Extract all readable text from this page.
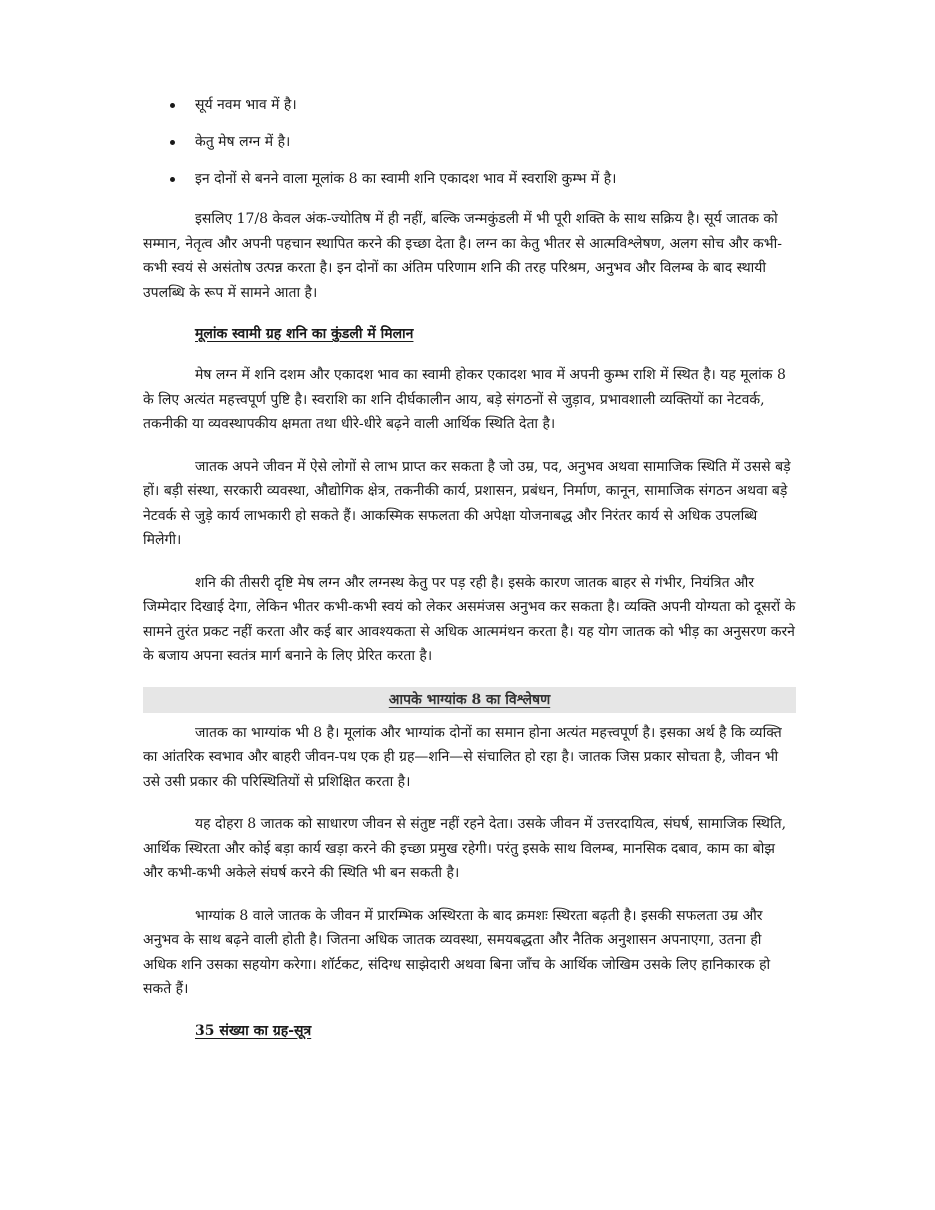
सूर्य नवम भाव में है।
केतु मेष लग्न में है।
इन दोनों से बनने वाला मूलांक 8 का स्वामी शनि एकादश भाव में स्वराशि कुम्भ में है।

इसलिए 17/8 केवल अंक-ज्योतिष में ही नहीं, बल्कि जन्मकुंडली में भी पूरी शक्ति के साथ सक्रिय है। सूर्य जातक को सम्मान, नेतृत्व और अपनी पहचान स्थापित करने की इच्छा देता है। लग्न का केतु भीतर से आत्मविश्लेषण, अलग सोच और कभी-कभी स्वयं से असंतोष उत्पन्न करता है। इन दोनों का अंतिम परिणाम शनि की तरह परिश्रम, अनुभव और विलम्ब के बाद स्थायी उपलब्धि के रूप में सामने आता है।

मूलांक स्वामी ग्रह शनि का कुंडली में मिलान

मेष लग्न में शनि दशम और एकादश भाव का स्वामी होकर एकादश भाव में अपनी कुम्भ राशि में स्थित है। यह मूलांक 8 के लिए अत्यंत महत्त्वपूर्ण पुष्टि है। स्वराशि का शनि दीर्घकालीन आय, बड़े संगठनों से जुड़ाव, प्रभावशाली व्यक्तियों का नेटवर्क, तकनीकी या व्यवस्थापकीय क्षमता तथा धीरे-धीरे बढ़ने वाली आर्थिक स्थिति देता है।

जातक अपने जीवन में ऐसे लोगों से लाभ प्राप्त कर सकता है जो उम्र, पद, अनुभव अथवा सामाजिक स्थिति में उससे बड़े हों। बड़ी संस्था, सरकारी व्यवस्था, औद्योगिक क्षेत्र, तकनीकी कार्य, प्रशासन, प्रबंधन, निर्माण, कानून, सामाजिक संगठन अथवा बड़े नेटवर्क से जुड़े कार्य लाभकारी हो सकते हैं। आकस्मिक सफलता की अपेक्षा योजनाबद्ध और निरंतर कार्य से अधिक उपलब्धि मिलेगी।

शनि की तीसरी दृष्टि मेष लग्न और लग्नस्थ केतु पर पड़ रही है। इसके कारण जातक बाहर से गंभीर, नियंत्रित और जिम्मेदार दिखाई देगा, लेकिन भीतर कभी-कभी स्वयं को लेकर असमंजस अनुभव कर सकता है। व्यक्ति अपनी योग्यता को दूसरों के सामने तुरंत प्रकट नहीं करता और कई बार आवश्यकता से अधिक आत्ममंथन करता है। यह योग जातक को भीड़ का अनुसरण करने के बजाय अपना स्वतंत्र मार्ग बनाने के लिए प्रेरित करता है।

आपके भाग्यांक 8 का विश्लेषण

जातक का भाग्यांक भी 8 है। मूलांक और भाग्यांक दोनों का समान होना अत्यंत महत्त्वपूर्ण है। इसका अर्थ है कि व्यक्ति का आंतरिक स्वभाव और बाहरी जीवन-पथ एक ही ग्रह—शनि—से संचालित हो रहा है। जातक जिस प्रकार सोचता है, जीवन भी उसे उसी प्रकार की परिस्थितियों से प्रशिक्षित करता है।

यह दोहरा 8 जातक को साधारण जीवन से संतुष्ट नहीं रहने देता। उसके जीवन में उत्तरदायित्व, संघर्ष, सामाजिक स्थिति, आर्थिक स्थिरता और कोई बड़ा कार्य खड़ा करने की इच्छा प्रमुख रहेगी। परंतु इसके साथ विलम्ब, मानसिक दबाव, काम का बोझ और कभी-कभी अकेले संघर्ष करने की स्थिति भी बन सकती है।

भाग्यांक 8 वाले जातक के जीवन में प्रारम्भिक अस्थिरता के बाद क्रमशः स्थिरता बढ़ती है। इसकी सफलता उम्र और अनुभव के साथ बढ़ने वाली होती है। जितना अधिक जातक व्यवस्था, समयबद्धता और नैतिक अनुशासन अपनाएगा, उतना ही अधिक शनि उसका सहयोग करेगा। शॉर्टकट, संदिग्ध साझेदारी अथवा बिना जाँच के आर्थिक जोखिम उसके लिए हानिकारक हो सकते हैं।

35 संख्या का ग्रह-सूत्र
